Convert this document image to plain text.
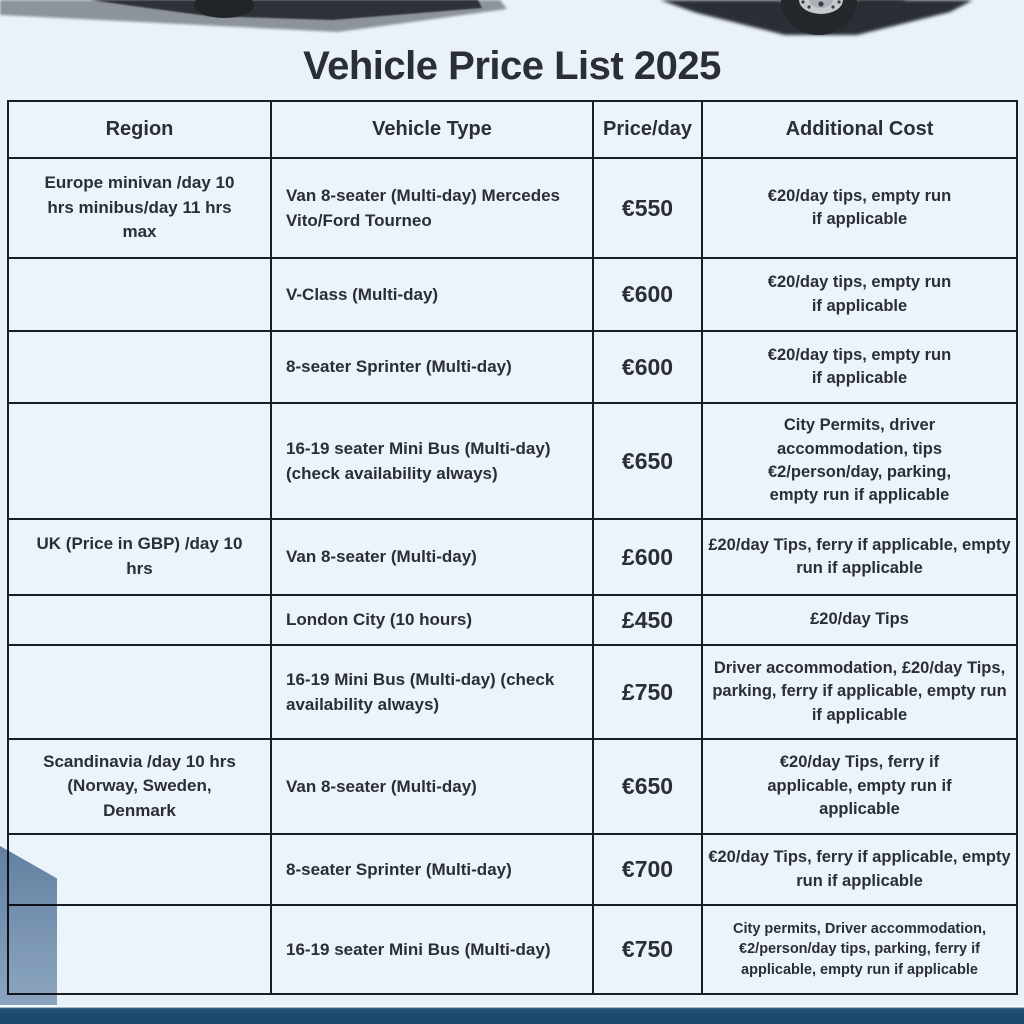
Vehicle Price List 2025
Region	Vehicle Type	Price/day	Additional Cost
Europe minivan /day 10 hrs minibus/day 11 hrs max	Van 8-seater (Multi-day) Mercedes Vito/Ford Tourneo	€550	€20/day tips, empty run if applicable
	V-Class (Multi-day)	€600	€20/day tips, empty run if applicable
	8-seater Sprinter (Multi-day)	€600	€20/day tips, empty run if applicable
	16-19 seater Mini Bus (Multi-day) (check availability always)	€650	City Permits, driver accommodation, tips €2/person/day, parking, empty run if applicable
UK (Price in GBP) /day 10 hrs	Van 8-seater (Multi-day)	£600	£20/day Tips, ferry if applicable, empty run if applicable
	London City (10 hours)	£450	£20/day Tips
	16-19 Mini Bus (Multi-day) (check availability always)	£750	Driver accommodation, £20/day Tips, parking, ferry if applicable, empty run if applicable
Scandinavia /day 10 hrs (Norway, Sweden, Denmark	Van 8-seater (Multi-day)	€650	€20/day Tips, ferry if applicable, empty run if applicable
	8-seater Sprinter (Multi-day)	€700	€20/day Tips, ferry if applicable, empty run if applicable
	16-19 seater Mini Bus (Multi-day)	€750	City permits, Driver accommodation, €2/person/day tips, parking, ferry if applicable, empty run if applicable
